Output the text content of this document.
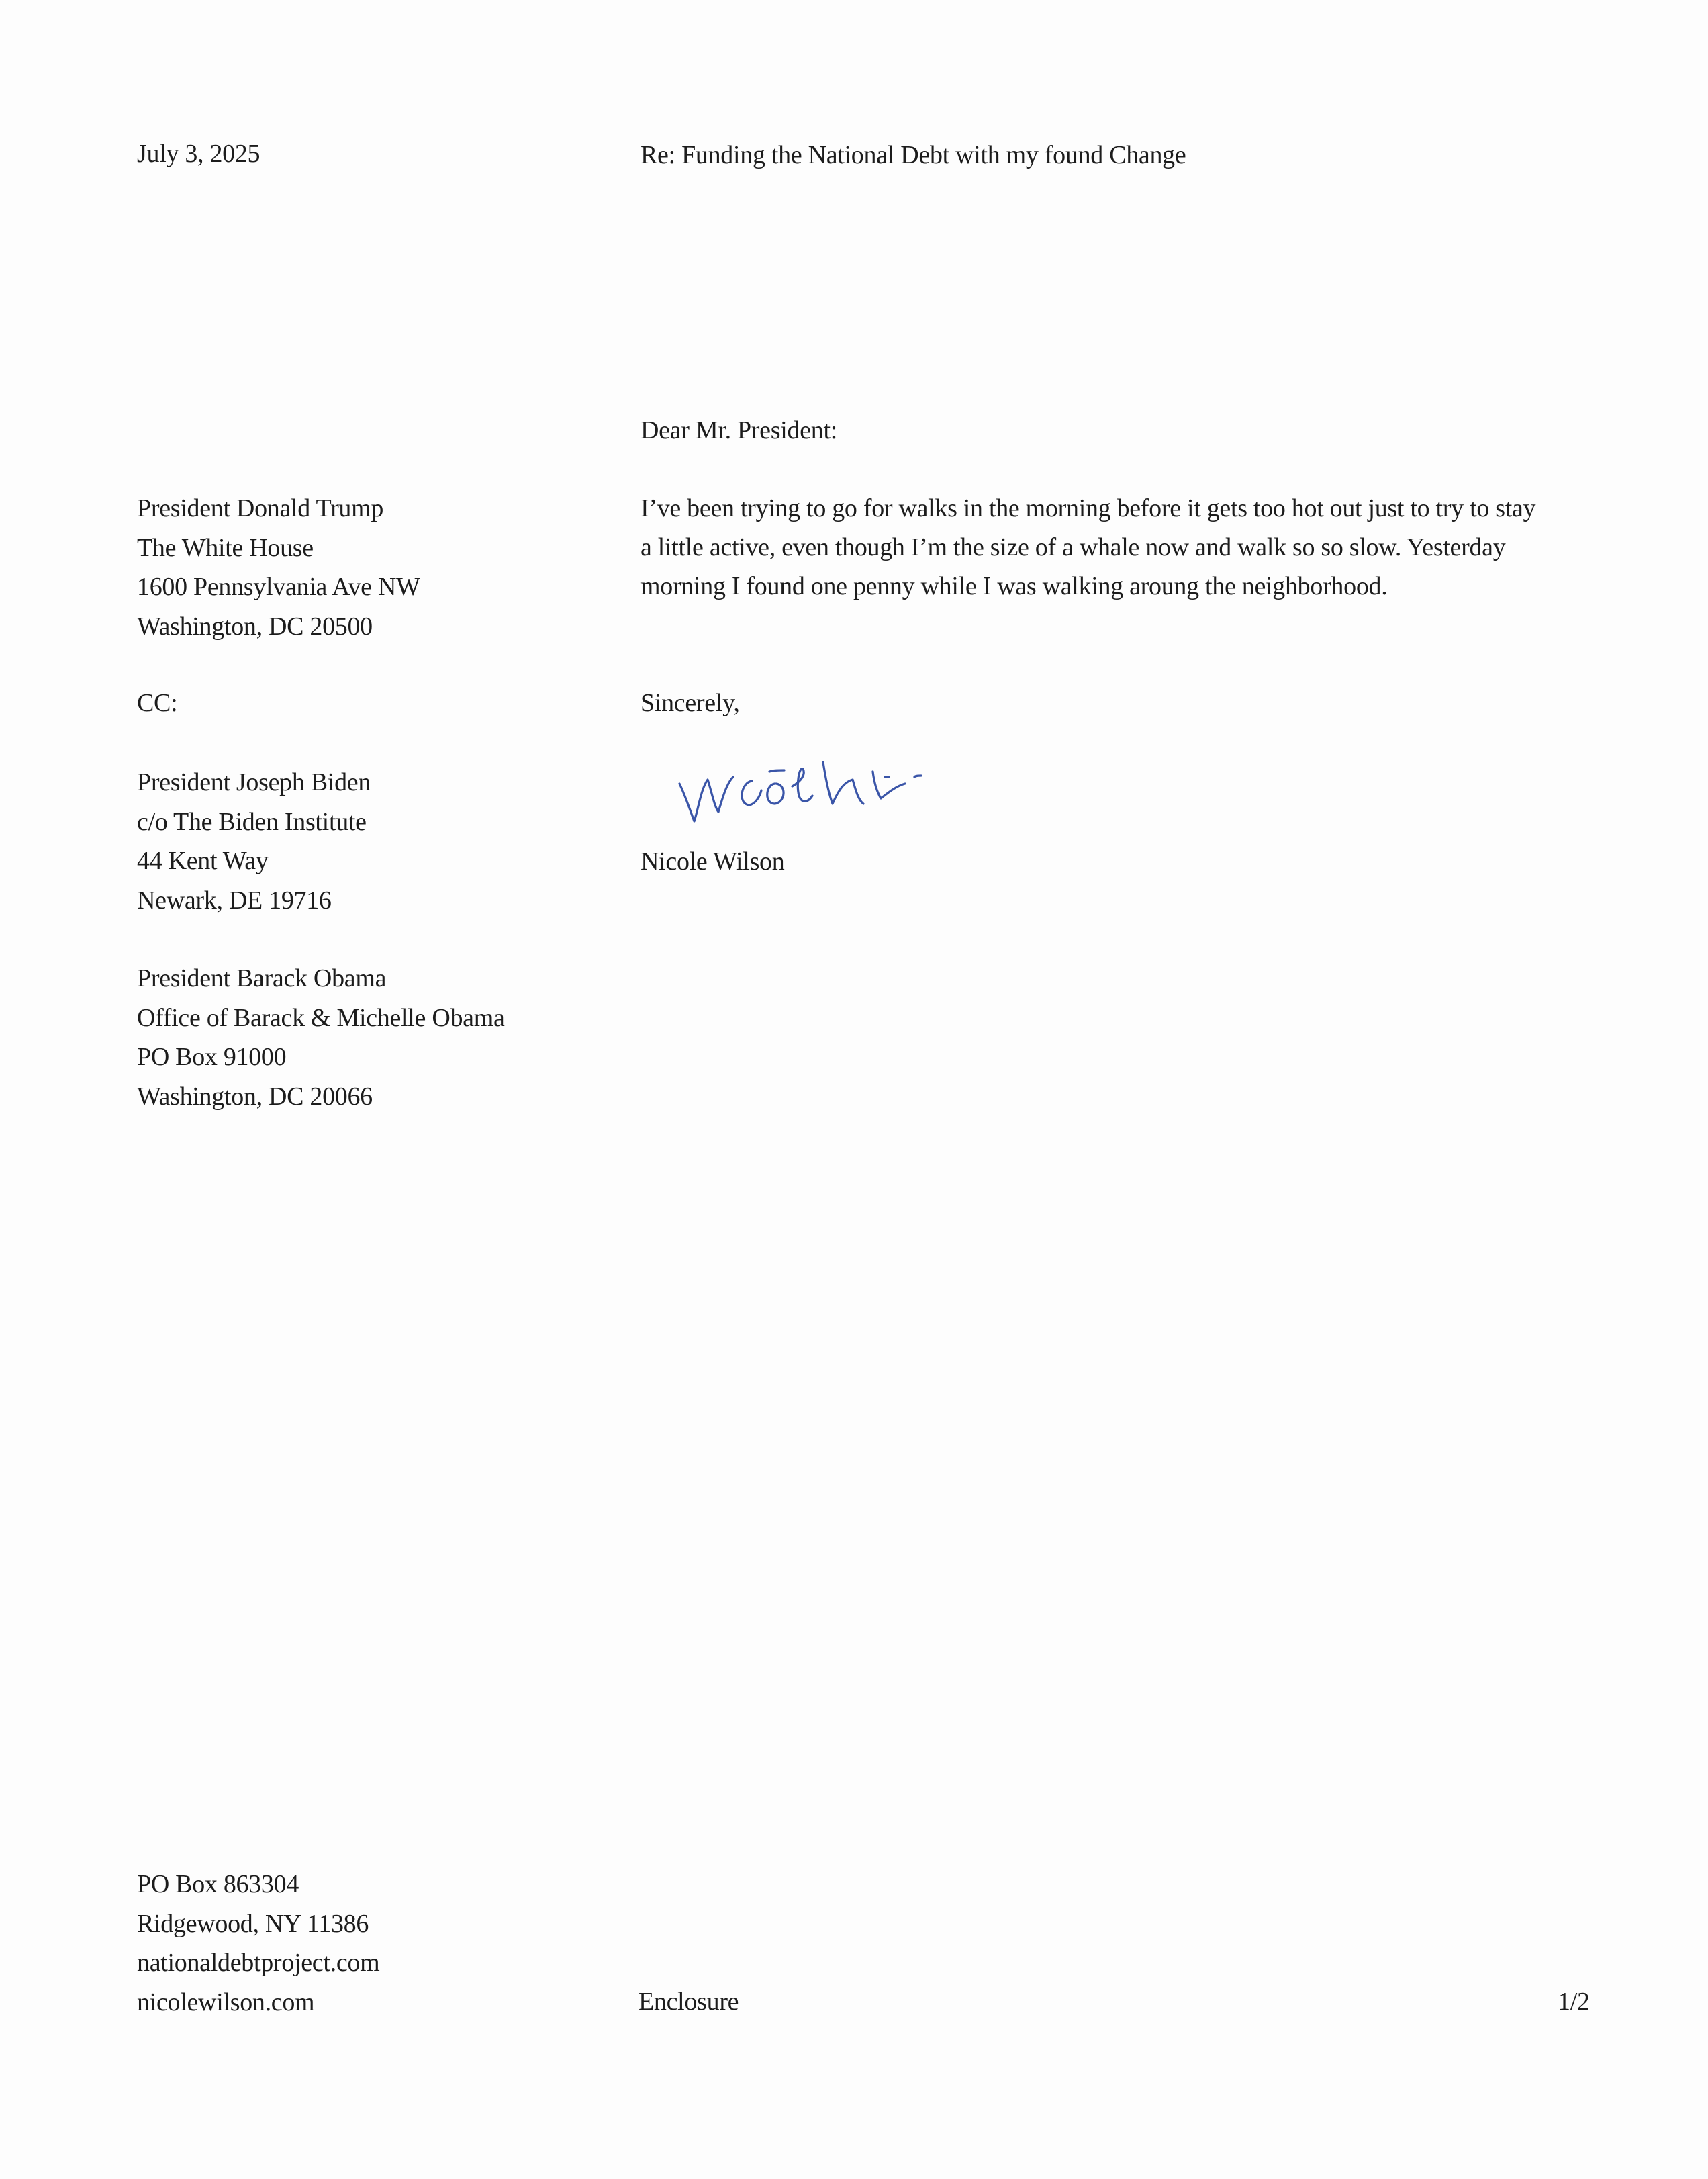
July 3, 2025	Re: Funding the National Debt with my found Change
Dear Mr. President:
President Donald Trump
The White House
1600 Pennsylvania Ave NW
Washington, DC 20500
CC:
President Joseph Biden
c/o The Biden Institute
44 Kent Way
Newark, DE 19716
President Barack Obama
Office of Barack & Michelle Obama
PO Box 91000
Washington, DC 20066
I’ve been trying to go for walks in the morning before it gets too hot out just to try to stay a little active, even though I’m the size of a whale now and walk so so slow. Yesterday morning I found one penny while I was walking aroung the neighborhood.
Sincerely,
Nicole Wilson
PO Box 863304
Ridgewood, NY 11386
nationaldebtproject.com
nicolewilson.com	Enclosure	1/2
